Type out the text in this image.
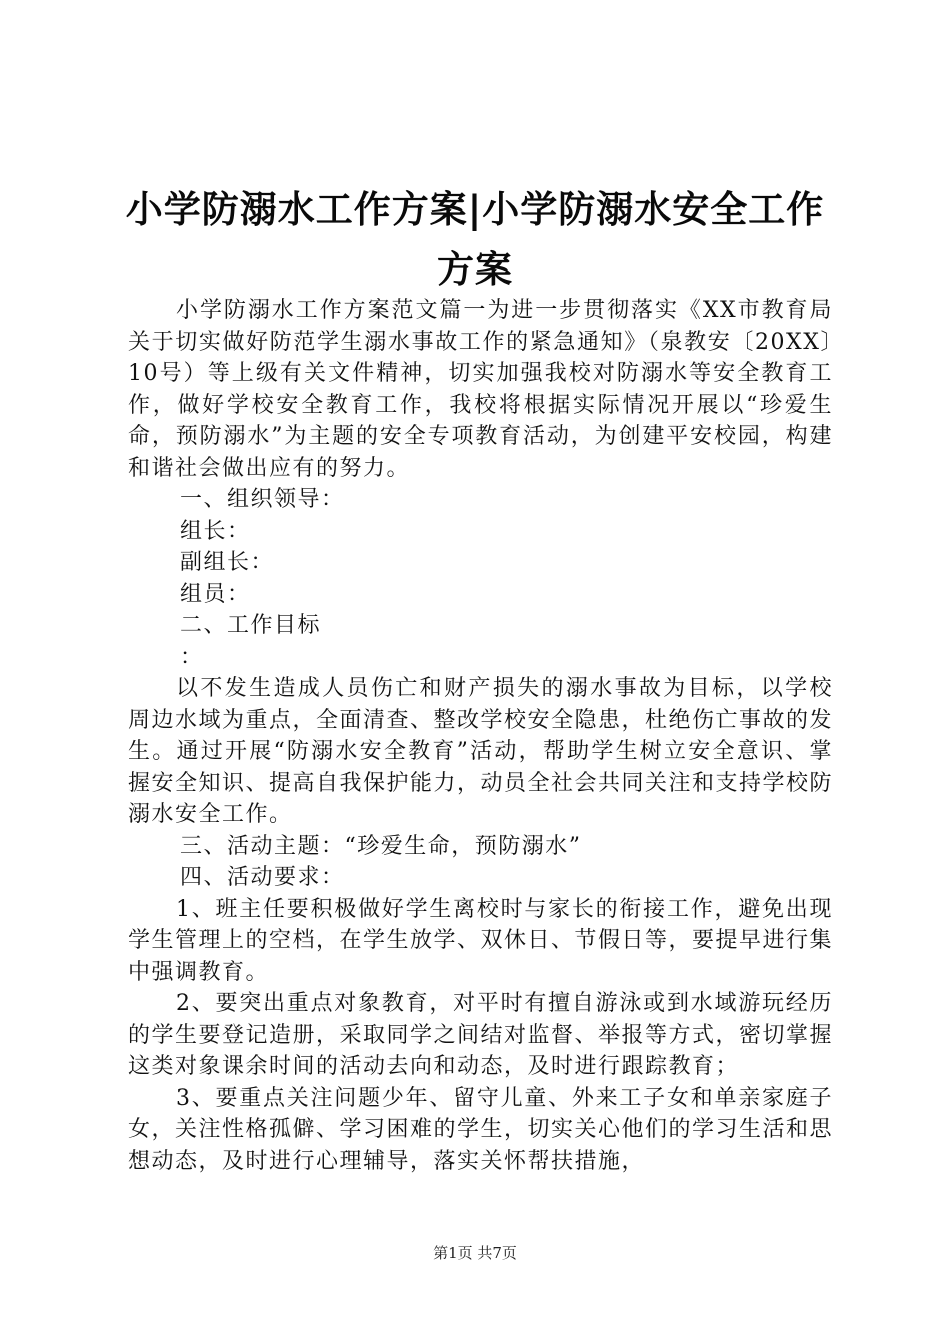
小学防溺水工作方案|小学防溺水安全工作方案

小学防溺水工作方案范文篇一为进一步贯彻落实《XX市教育局关于切实做好防范学生溺水事故工作的紧急通知》（泉教安〔20XX〕10号）等上级有关文件精神，切实加强我校对防溺水等安全教育工作，做好学校安全教育工作，我校将根据实际情况开展以“珍爱生命，预防溺水”为主题的安全专项教育活动，为创建平安校园，构建和谐社会做出应有的努力。

一、组织领导：

组长：

副组长：

组员：

二、工作目标

：

以不发生造成人员伤亡和财产损失的溺水事故为目标，以学校周边水域为重点，全面清查、整改学校安全隐患，杜绝伤亡事故的发生。通过开展“防溺水安全教育”活动，帮助学生树立安全意识、掌握安全知识、提高自我保护能力，动员全社会共同关注和支持学校防溺水安全工作。

三、活动主题：“珍爱生命，预防溺水”

四、活动要求：

1、班主任要积极做好学生离校时与家长的衔接工作，避免出现学生管理上的空档，在学生放学、双休日、节假日等，要提早进行集中强调教育。

2、要突出重点对象教育，对平时有擅自游泳或到水域游玩经历的学生要登记造册，采取同学之间结对监督、举报等方式，密切掌握这类对象课余时间的活动去向和动态，及时进行跟踪教育；

3、要重点关注问题少年、留守儿童、外来工子女和单亲家庭子女，关注性格孤僻、学习困难的学生，切实关心他们的学习生活和思想动态，及时进行心理辅导，落实关怀帮扶措施，

第1页 共7页
